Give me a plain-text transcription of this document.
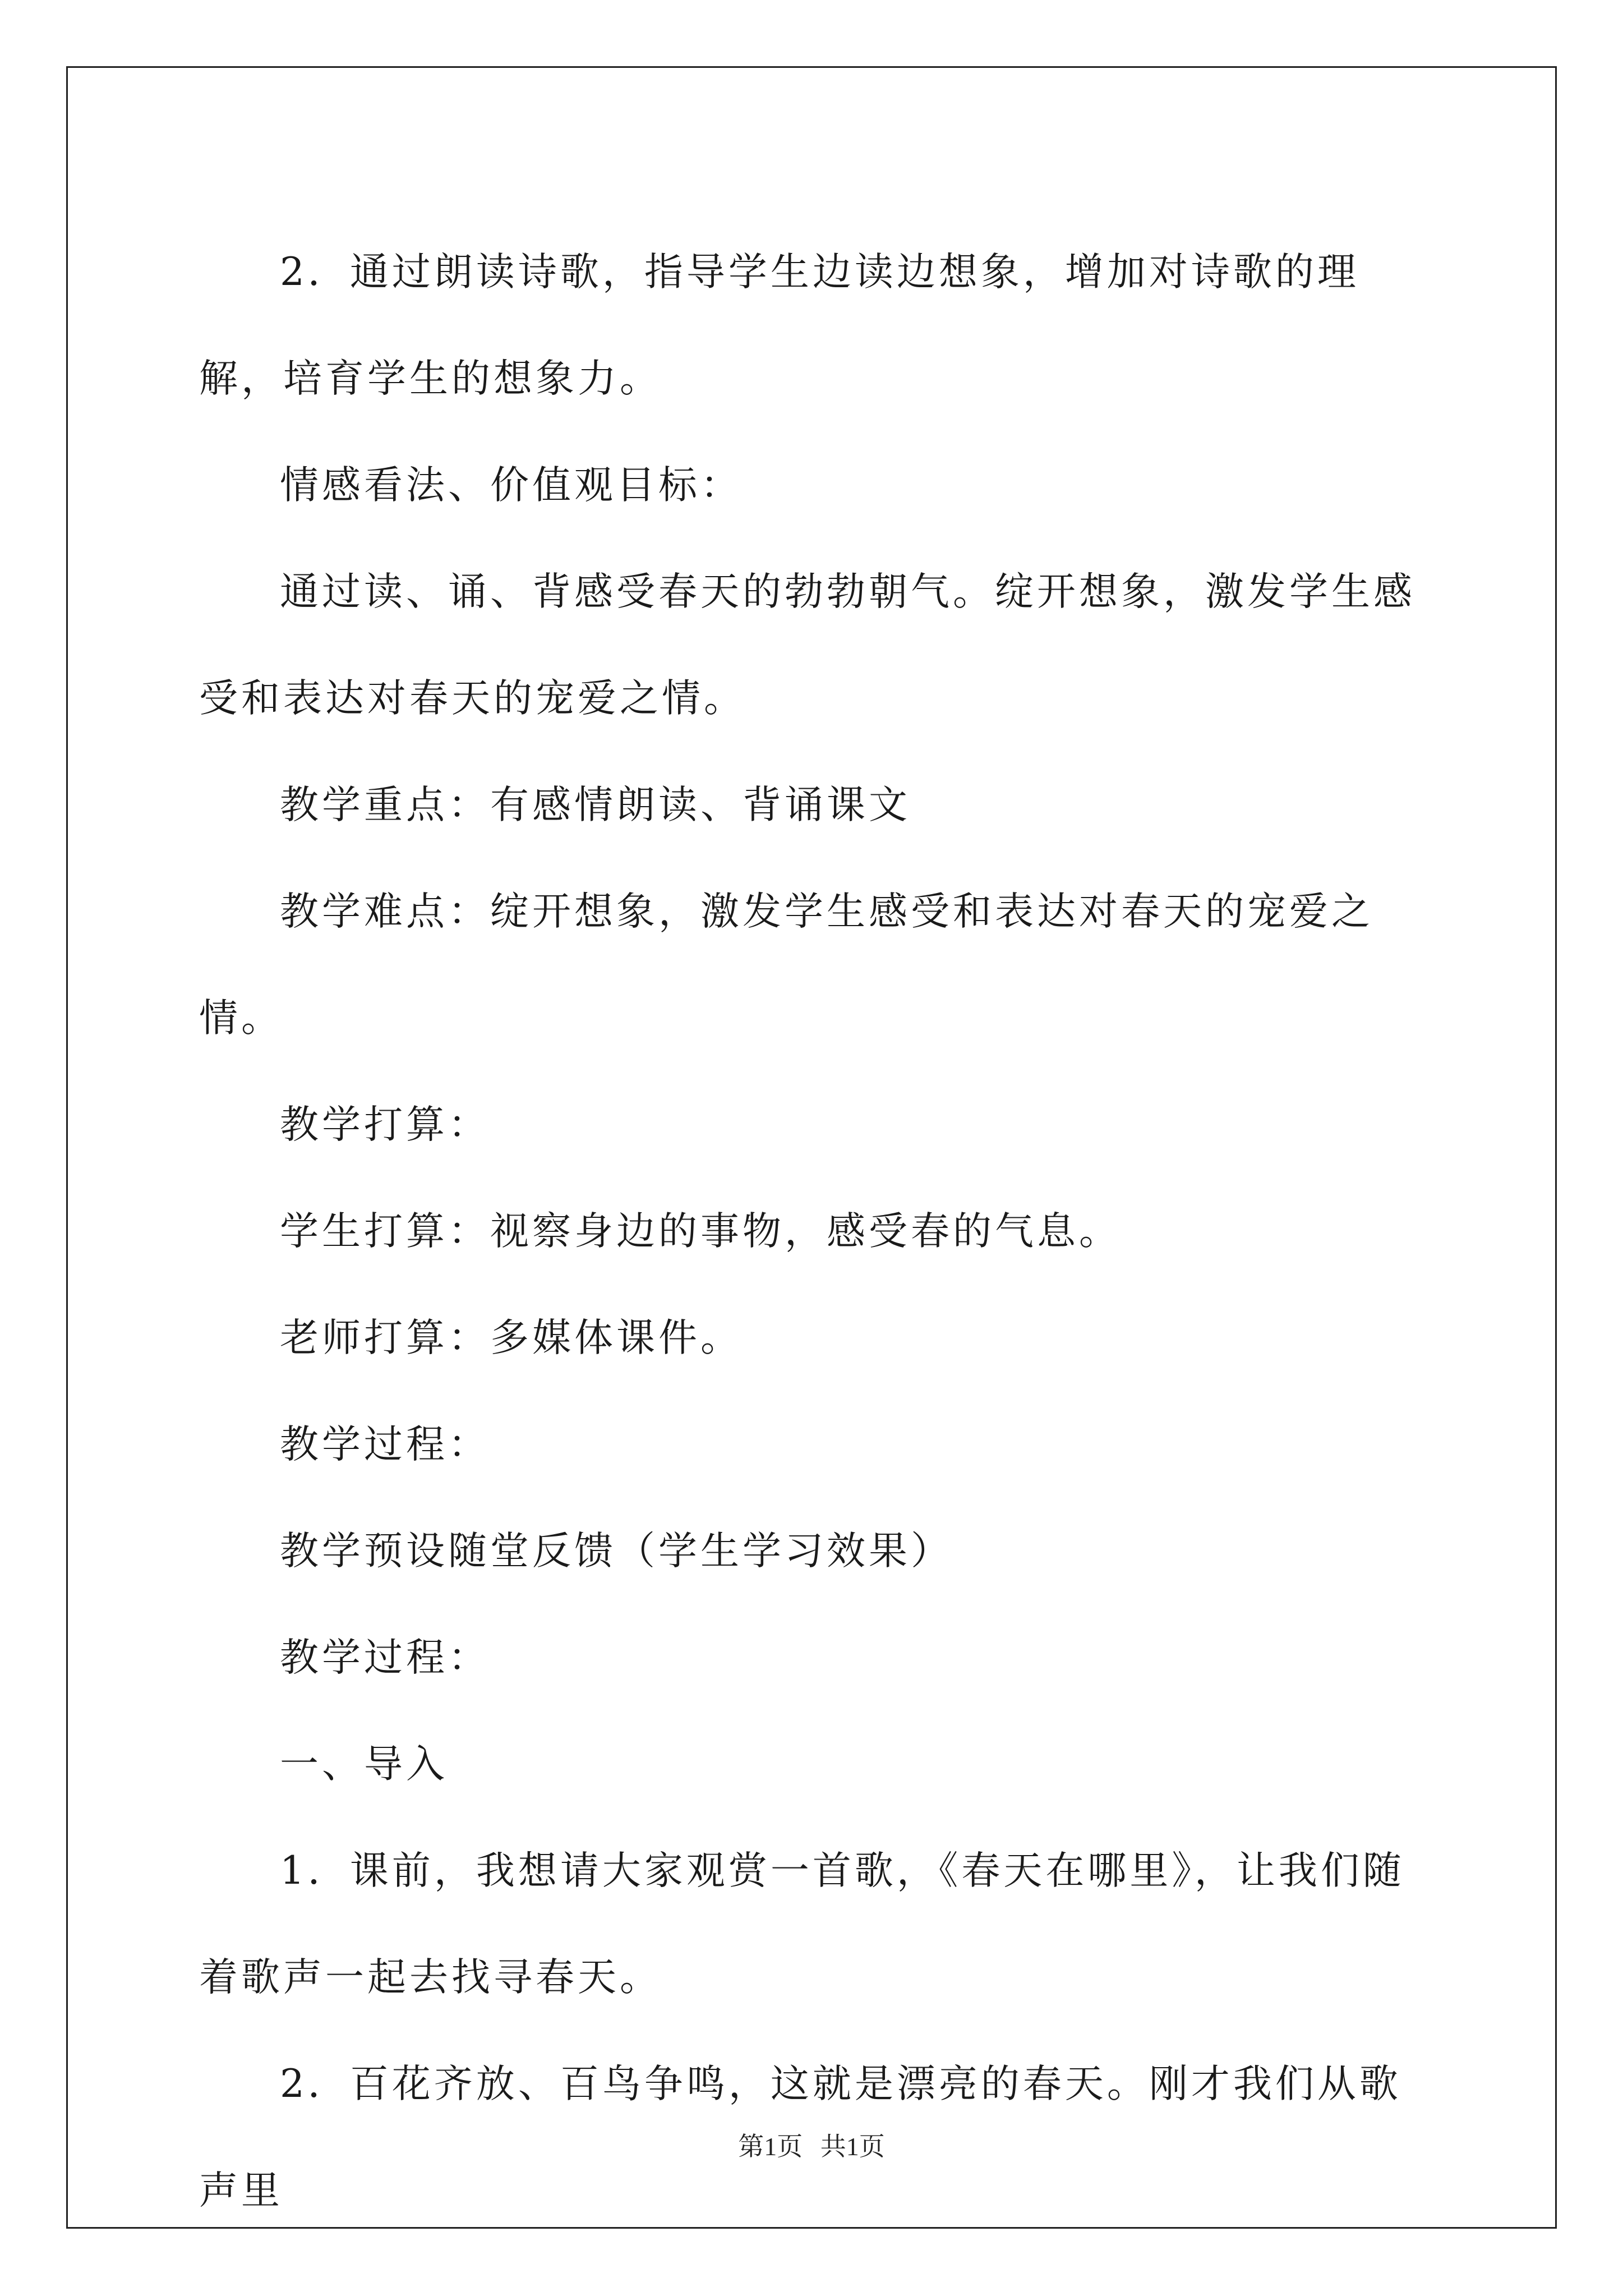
2．通过朗读诗歌，指导学生边读边想象，增加对诗歌的理解，培育学生的想象力。

情感看法、价值观目标：

通过读、诵、背感受春天的勃勃朝气。绽开想象，激发学生感受和表达对春天的宠爱之情。

教学重点：有感情朗读、背诵课文

教学难点：绽开想象，激发学生感受和表达对春天的宠爱之情。

教学打算：

学生打算：视察身边的事物，感受春的气息。

老师打算：多媒体课件。

教学过程：

教学预设随堂反馈（学生学习效果）

教学过程：

一、导入

1．课前，我想请大家观赏一首歌，《春天在哪里》，让我们随着歌声一起去找寻春天。

2．百花齐放、百鸟争鸣，这就是漂亮的春天。刚才我们从歌声里

第1页 共1页
